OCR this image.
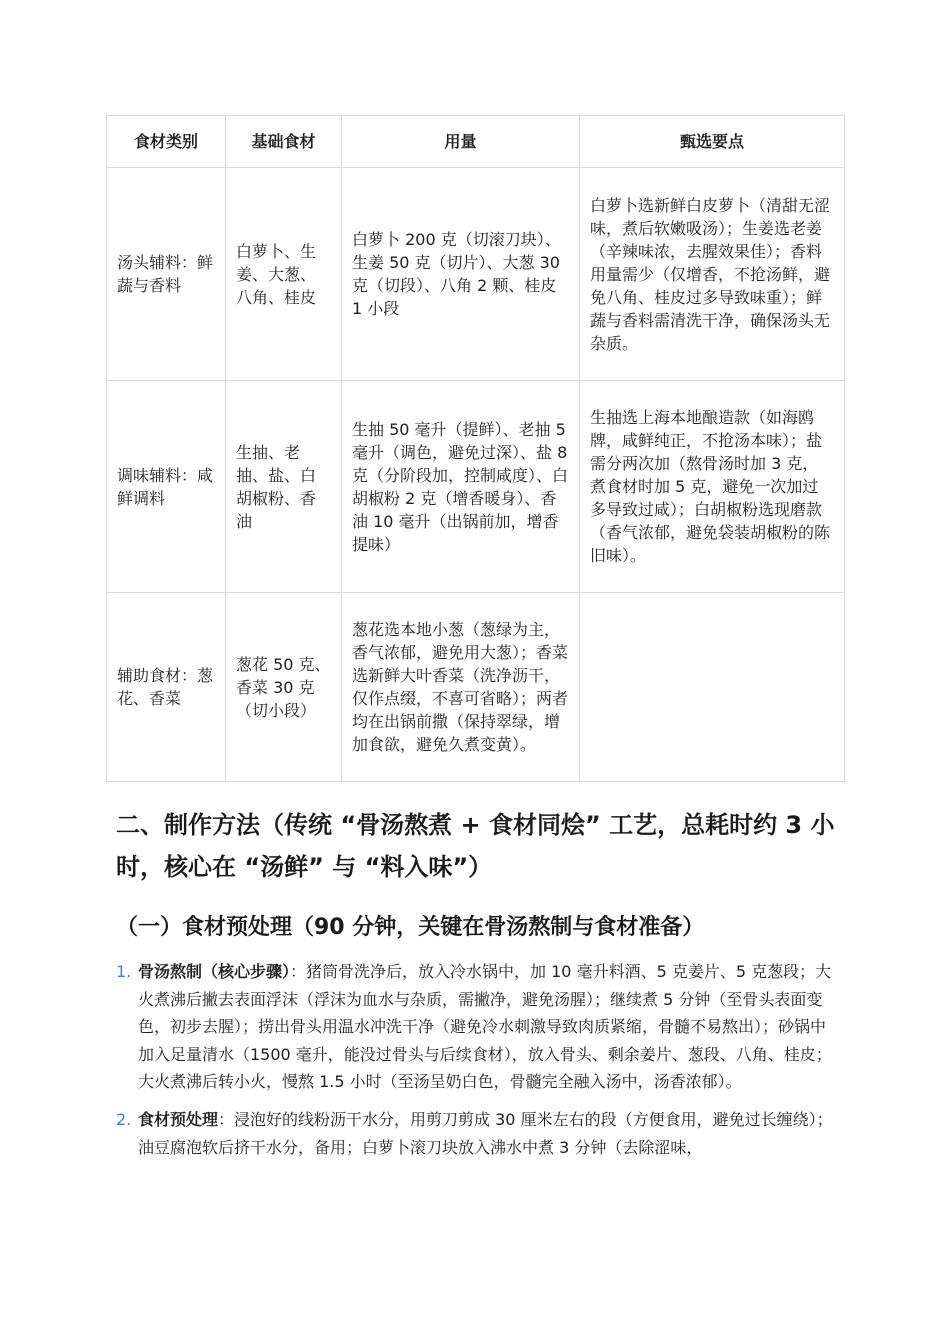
食材类别	基础食材	用量	甄选要点
汤头辅料：鲜蔬与香料	白萝卜、生姜、大葱、八角、桂皮	白萝卜 200 克（切滚刀块）、生姜 50 克（切片）、大葱 30 克（切段）、八角 2 颗、桂皮 1 小段	白萝卜选新鲜白皮萝卜（清甜无涩味，煮后软嫩吸汤）；生姜选老姜（辛辣味浓，去腥效果佳）；香料用量需少（仅增香，不抢汤鲜，避免八角、桂皮过多导致味重）；鲜蔬与香料需清洗干净，确保汤头无杂质。
调味辅料：咸鲜调料	生抽、老抽、盐、白胡椒粉、香油	生抽 50 毫升（提鲜）、老抽 5 毫升（调色，避免过深）、盐 8 克（分阶段加，控制咸度）、白胡椒粉 2 克（增香暖身）、香油 10 毫升（出锅前加，增香提味）	生抽选上海本地酿造款（如海鸥牌，咸鲜纯正，不抢汤本味）；盐需分两次加（熬骨汤时加 3 克，煮食材时加 5 克，避免一次加过多导致过咸）；白胡椒粉选现磨款（香气浓郁，避免袋装胡椒粉的陈旧味）。
辅助食材：葱花、香菜	葱花 50 克、香菜 30 克（切小段）	葱花选本地小葱（葱绿为主，香气浓郁，避免用大葱）；香菜选新鲜大叶香菜（洗净沥干，仅作点缀，不喜可省略）；两者均在出锅前撒（保持翠绿，增加食欲，避免久煮变黄）。	
二、制作方法（传统 “骨汤熬煮 + 食材同烩” 工艺，总耗时约 3 小时，核心在 “汤鲜” 与 “料入味”）
（一）食材预处理（90 分钟，关键在骨汤熬制与食材准备）
1. 骨汤熬制（核心步骤）：猪筒骨洗净后，放入冷水锅中，加 10 毫升料酒、5 克姜片、5 克葱段；大火煮沸后撇去表面浮沫（浮沫为血水与杂质，需撇净，避免汤腥）；继续煮 5 分钟（至骨头表面变色，初步去腥）；捞出骨头用温水冲洗干净（避免冷水刺激导致肉质紧缩，骨髓不易熬出）；砂锅中加入足量清水（1500 毫升，能没过骨头与后续食材），放入骨头、剩余姜片、葱段、八角、桂皮；大火煮沸后转小火，慢熬 1.5 小时（至汤呈奶白色，骨髓完全融入汤中，汤香浓郁）。
2. 食材预处理：浸泡好的线粉沥干水分，用剪刀剪成 30 厘米左右的段（方便食用，避免过长缠绕）；油豆腐泡软后挤干水分，备用；白萝卜滚刀块放入沸水中煮 3 分钟（去除涩味，
